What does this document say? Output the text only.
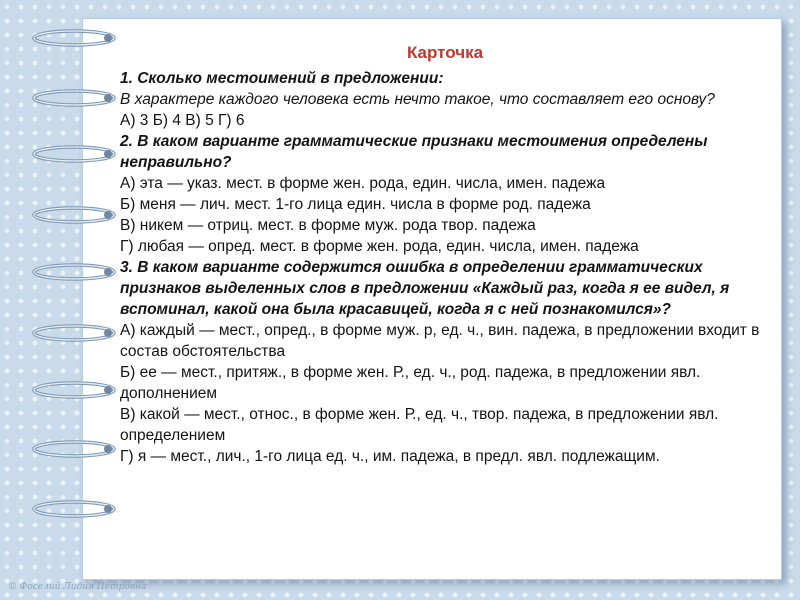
Карточка

1. Сколько местоимений в предложении:

В характере каждого человека есть нечто такое, что составляет его основу?

А) 3 Б) 4 В) 5 Г) 6

2. В каком варианте грамматические признаки местоимения определены неправильно?

А) эта — указ. мест. в форме жен. рода, един. числа, имен. падежа

Б) меня — лич. мест. 1-го лица един. числа в форме род. падежа

В) никем — отриц. мест. в форме муж. рода твор. падежа

Г) любая — опред. мест. в форме жен. рода, един. числа, имен. падежа

3. В каком варианте содержится ошибка в определении грамматических признаков выделенных слов в предложении «Каждый раз, когда я ее видел, я вспоминал, какой она была красавицей, когда я с ней познакомился»?

А) каждый — мест., опред., в форме муж. р, ед. ч., вин. падежа, в предложении входит в состав обстоятельства

Б) ее — мест., притяж., в форме жен. Р., ед. ч., род. падежа, в предложении явл. дополнением

В) какой — мест., относ., в форме жен. Р., ед. ч., твор. падежа, в предложении явл. определением

Г) я — мест., лич., 1-го лица ед. ч., им. падежа, в предл. явл. подлежащим.

© Фоселий Лидия Петровна
